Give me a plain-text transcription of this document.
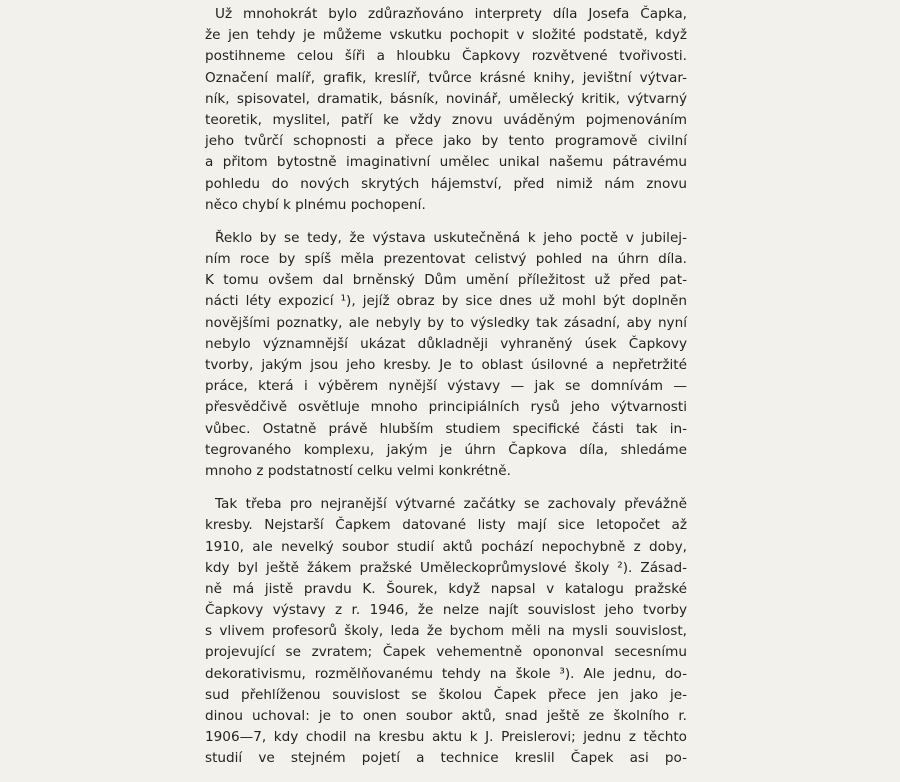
Už mnohokrát bylo zdůrazňováno interprety díla Josefa Čapka,
že jen tehdy je můžeme vskutku pochopit v složité podstatě, když
postihneme celou šíři a hloubku Čapkovy rozvětvené tvořivosti.
Označení malíř, grafik, kreslíř, tvůrce krásné knihy, jevištní výtvar-
ník, spisovatel, dramatik, básník, novinář, umělecký kritik, výtvarný
teoretik, myslitel, patří ke vždy znovu uváděným pojmenováním
jeho tvůrčí schopnosti a přece jako by tento programově civilní
a přitom bytostně imaginativní umělec unikal našemu pátravému
pohledu do nových skrytých hájemství, před nimiž nám znovu
něco chybí k plnému pochopení.
Řeklo by se tedy, že výstava uskutečněná k jeho poctě v jubilej-
ním roce by spíš měla prezentovat celistvý pohled na úhrn díla.
K tomu ovšem dal brněnský Dům umění příležitost už před pat-
nácti léty expozicí ¹), jejíž obraz by sice dnes už mohl být doplněn
novějšími poznatky, ale nebyly by to výsledky tak zásadní, aby nyní
nebylo významnější ukázat důkladněji vyhraněný úsek Čapkovy
tvorby, jakým jsou jeho kresby. Je to oblast úsilovné a nepřetržité
práce, která i výběrem nynější výstavy — jak se domnívám —
přesvědčivě osvětluje mnoho principiálních rysů jeho výtvarnosti
vůbec. Ostatně právě hlubším studiem specifické části tak in-
tegrovaného komplexu, jakým je úhrn Čapkova díla, shledáme
mnoho z podstatností celku velmi konkrétně.
Tak třeba pro nejranější výtvarné začátky se zachovaly převážně
kresby. Nejstarší Čapkem datované listy mají sice letopočet až
1910, ale nevelký soubor studií aktů pochází nepochybně z doby,
kdy byl ještě žákem pražské Uměleckoprůmyslové školy ²). Zásad-
ně má jistě pravdu K. Šourek, když napsal v katalogu pražské
Čapkovy výstavy z r. 1946, že nelze najít souvislost jeho tvorby
s vlivem profesorů školy, leda že bychom měli na mysli souvislost,
projevující se zvratem; Čapek vehementně opononval secesnímu
dekorativismu, rozmělňovanému tehdy na škole ³). Ale jednu, do-
sud přehlíženou souvislost se školou Čapek přece jen jako je-
dinou uchoval: je to onen soubor aktů, snad ještě ze školního r.
1906—7, kdy chodil na kresbu aktu k J. Preislerovi; jednu z těchto
studií ve stejném pojetí a technice kreslil Čapek asi po-
